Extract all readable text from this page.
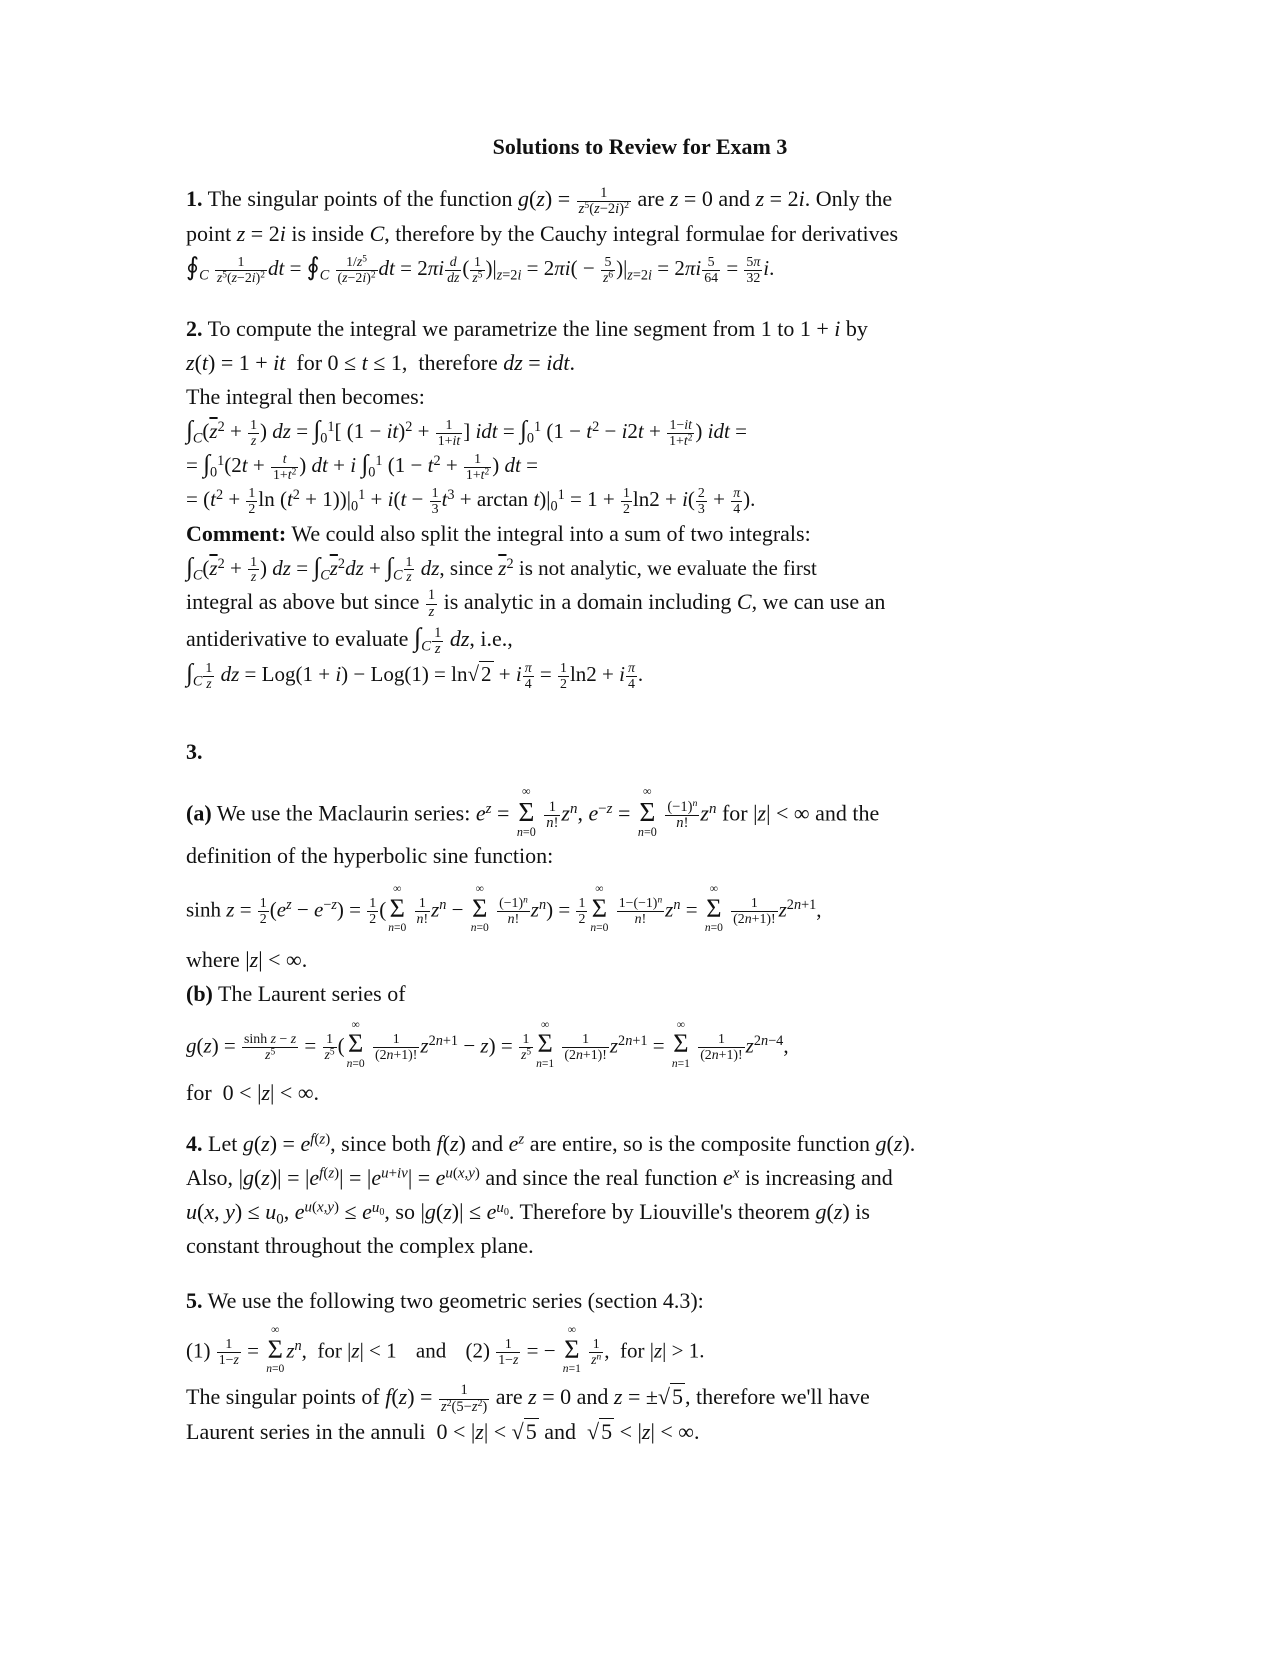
Solutions to Review for Exam 3
1. The singular points of the function $g(z) = \frac{1}{z^5(z-2i)^2}$ are z = 0 and z = 2i. Only the
point z = 2i is inside C, therefore by the Cauchy integral formulae for derivatives
$∮_C \frac{1}{z^5(z-2i)^2}$ dt = $∮_C \frac{1/z^5}{(z-2i)^2}$ dt = $2\pi i \frac{d}{dz}$ ( $\frac{1}{z^5} )|_{z=2i} = 2\pi i( - \frac{5}{z^6} )|_{z=2i} = 2\pi i \frac{5}{64} = \frac{5\pi}{32} i$.
2. To compute the integral we parametrize the line segment from 1 to 1 + i by
z(t) = 1 + it for 0 ≤ t ≤ 1,  therefore dz = idt.
The integral then becomes:
$\int_C(\overline{z}^2 + \frac{1}{z}$ ) dz = $\int_0^1$[ $(1 - it)^2 + \frac{1}{1+it}$ ] idt = $\int_0^1$ ($1 - t^2 - i2t + \frac{1-it}{1+t^2}$ ) idt =
= $\int_0^1(2t + \frac{t}{1+t^2}$ ) dt + i $\int_0^1$ ($1 - t^2 + \frac{1}{1+t^2}$ ) dt =
= ($t^2 + \frac{1}{2}$ $\ln (t^2 + 1))|_0^1 + i(t - \frac{1}{3} t^3 + \arctan t)|_0^1 = 1 + \frac{1}{2} \ln 2 + i( \frac{2}{3} + \frac{\pi}{4}$ ).
Comment: We could also split the integral into a sum of two integrals:
$\int_C(\overline{z}^2 + \frac{1}{z}$ ) dz = $\int_C\overline{z}^2dz + \int_C \frac{1}{z}$ dz, since $\overline{z}^2$ is not analytic, we evaluate the first
integral as above but since $\frac{1}{z}$ is analytic in a domain including C, we can use an
antiderivative to evaluate $\int_C \frac{1}{z}$ dz, i.e.,
$\int_C \frac{1}{z}$ dz = Log(1 + i) − Log(1) = ln√2 + i $\frac{\pi}{4} = \frac{1}{2} \ln 2 + i \frac{\pi}{4}$ .
3.
(a) We use the Maclaurin series: $e^z$ =
∞
Σ
n=0

$\frac{1}{n!} z^n$, $e^{-z}$ =
∞
Σ
n=0

$\frac{(-1)^n}{n!} z^n$ for |z| < ∞ and the
definition of the hyperbolic sine function:
$\sinh z = \frac{1}{2} (e^z - e^{-z}) = \frac{1}{2}$ (
∞
Σ
n=0

$\frac{1}{n!} z^n$ −
∞
Σ
n=0

$\frac{(-1)^n}{n!} z^n) = \frac{1}{2}$
∞
Σ
n=0

$\frac{1-(-1)^n}{n!} z^n$ =
∞
Σ
n=0

$\frac{1}{(2n+1)!} z^{2n+1}$,
where |z| < ∞.
(b) The Laurent series of
$g(z) = \frac{\text{sinh z − z}}{z^5} = \frac{1}{z^5}$ (
∞
Σ
n=0

$\frac{1}{(2n+1)!} z^{2n+1} - z) = \frac{1}{z^5}$
∞
Σ
n=1

$\frac{1}{(2n+1)!} z^{2n+1}$ =
∞
Σ
n=1

$\frac{1}{(2n+1)!} z^{2n-4}$,
for  0 < |z| < ∞.
4. Let $g(z) = e^{f(z)}$, since both f(z) and $e^z$ are entire, so is the composite function g(z).
Also, $|g(z)| = |e^{f(z)}| = |e^{u+iv}| = e^{u(x,y)}$ and since the real function $e^x$ is increasing and
u(x, $y) \le u_0$, $e^{u(x,y)} \le e^{u_0}$, so $|g(z)| \le e^{u_0}$. Therefore by Liouville's theorem g(z) is
constant throughout the complex plane.
5. We use the following two geometric series (section 4.3):
$(1) \frac{1}{1-z}$ =
∞
Σ
n=0
$z^n$,  for |z| < 1 and $(2) \frac{1}{1-z}$ = −
∞
Σ
n=1

$\frac{1}{z^n}$ ,  for |z| > 1.
The singular points of $f(z) = \frac{1}{z^2(5-z^2)}$ are z = 0 and z = ±√5, therefore we'll have
Laurent series in the annuli  0 < |z| < √5 and √5 < |z| < ∞.
